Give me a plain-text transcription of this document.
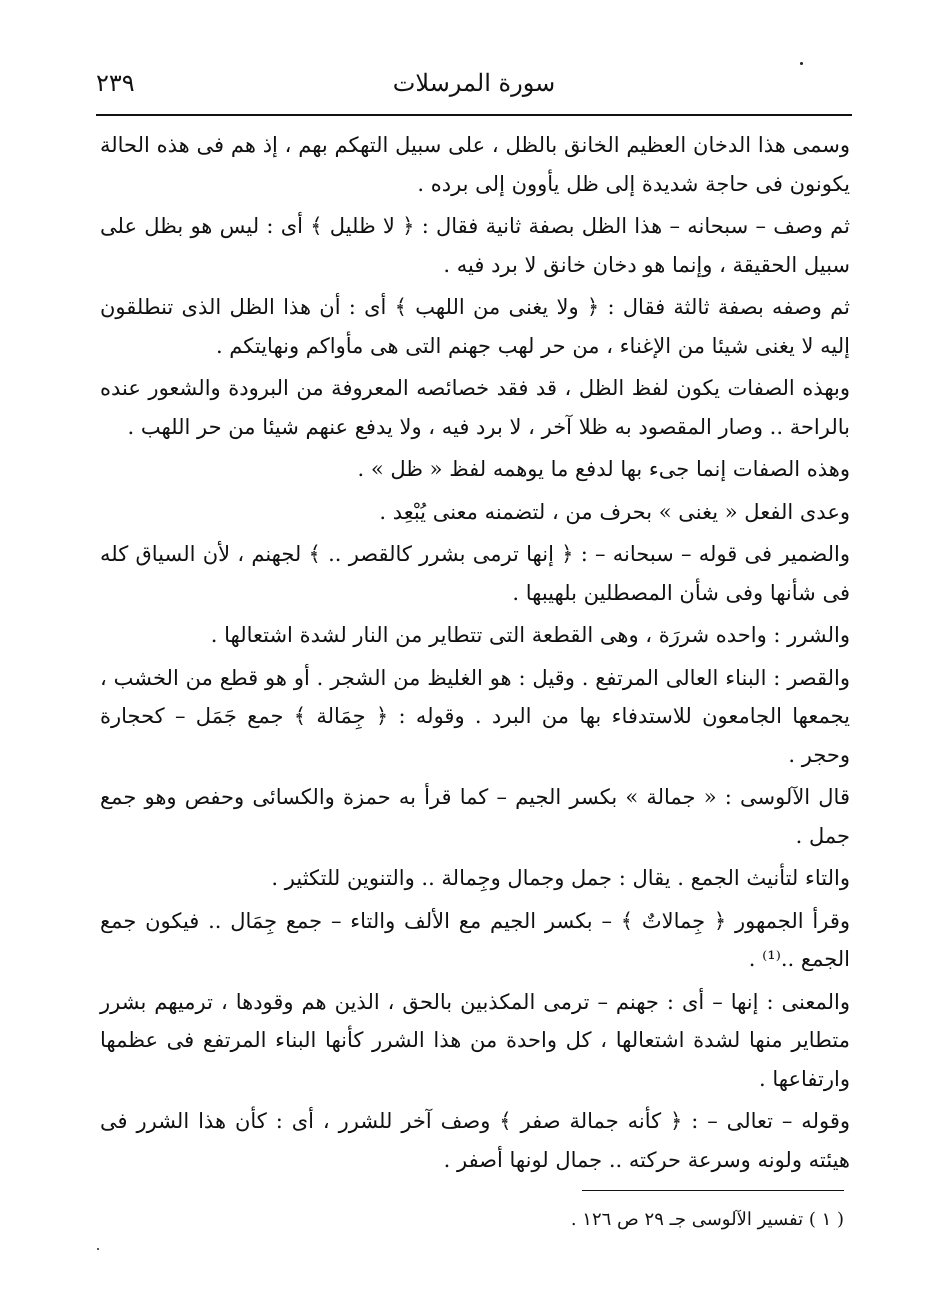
٢٣٩	سورة المرسلات

وسمى هذا الدخان العظيم الخانق بالظل ، على سبيل التهكم بهم ، إذ هم فى هذه الحالة يكونون فى حاجة شديدة إلى ظل يأوون إلى برده .

ثم وصف – سبحانه – هذا الظل بصفة ثانية فقال : ﴿ لا ظليل ﴾ أى : ليس هو بظل على سبيل الحقيقة ، وإنما هو دخان خانق لا برد فيه .

ثم وصفه بصفة ثالثة فقال : ﴿ ولا يغنى من اللهب ﴾ أى : أن هذا الظل الذى تنطلقون إليه لا يغنى شيئا من الإغناء ، من حر لهب جهنم التى هى مأواكم ونهايتكم .

وبهذه الصفات يكون لفظ الظل ، قد فقد خصائصه المعروفة من البرودة والشعور عنده بالراحة .. وصار المقصود به ظلا آخر ، لا برد فيه ، ولا يدفع عنهم شيئا من حر اللهب .

وهذه الصفات إنما جىء بها لدفع ما يوهمه لفظ « ظل » .

وعدى الفعل « يغنى » بحرف من ، لتضمنه معنى يُبْعِد .

والضمير فى قوله – سبحانه – : ﴿ إنها ترمى بشرر كالقصر .. ﴾ لجهنم ، لأن السياق كله فى شأنها وفى شأن المصطلين بلهيبها .

والشرر : واحده شررَة ، وهى القطعة التى تتطاير من النار لشدة اشتعالها .

والقصر : البناء العالى المرتفع . وقيل : هو الغليظ من الشجر . أو هو قطع من الخشب ، يجمعها الجامعون للاستدفاء بها من البرد . وقوله : ﴿ جِمَالة ﴾ جمع جَمَل – كحجارة وحجر .

قال الآلوسى : « جمالة » بكسر الجيم – كما قرأ به حمزة والكسائى وحفص وهو جمع جمل .

والتاء لتأنيث الجمع . يقال : جمل وجمال وجِمالة .. والتنوين للتكثير .

وقرأ الجمهور ﴿ جِمالاتٌ ﴾ – بكسر الجيم مع الألف والتاء – جمع جِمَال .. فيكون جمع الجمع ..⁽¹⁾ .

والمعنى : إنها – أى : جهنم – ترمى المكذبين بالحق ، الذين هم وقودها ، ترميهم بشرر متطاير منها لشدة اشتعالها ، كل واحدة من هذا الشرر كأنها البناء المرتفع فى عظمها وارتفاعها .

وقوله – تعالى – : ﴿ كأنه جمالة صفر ﴾ وصف آخر للشرر ، أى : كأن هذا الشرر فى هيئته ولونه وسرعة حركته .. جمال لونها أصفر .

( ١ ) تفسير الآلوسى جـ ٢٩ ص ١٢٦ .
